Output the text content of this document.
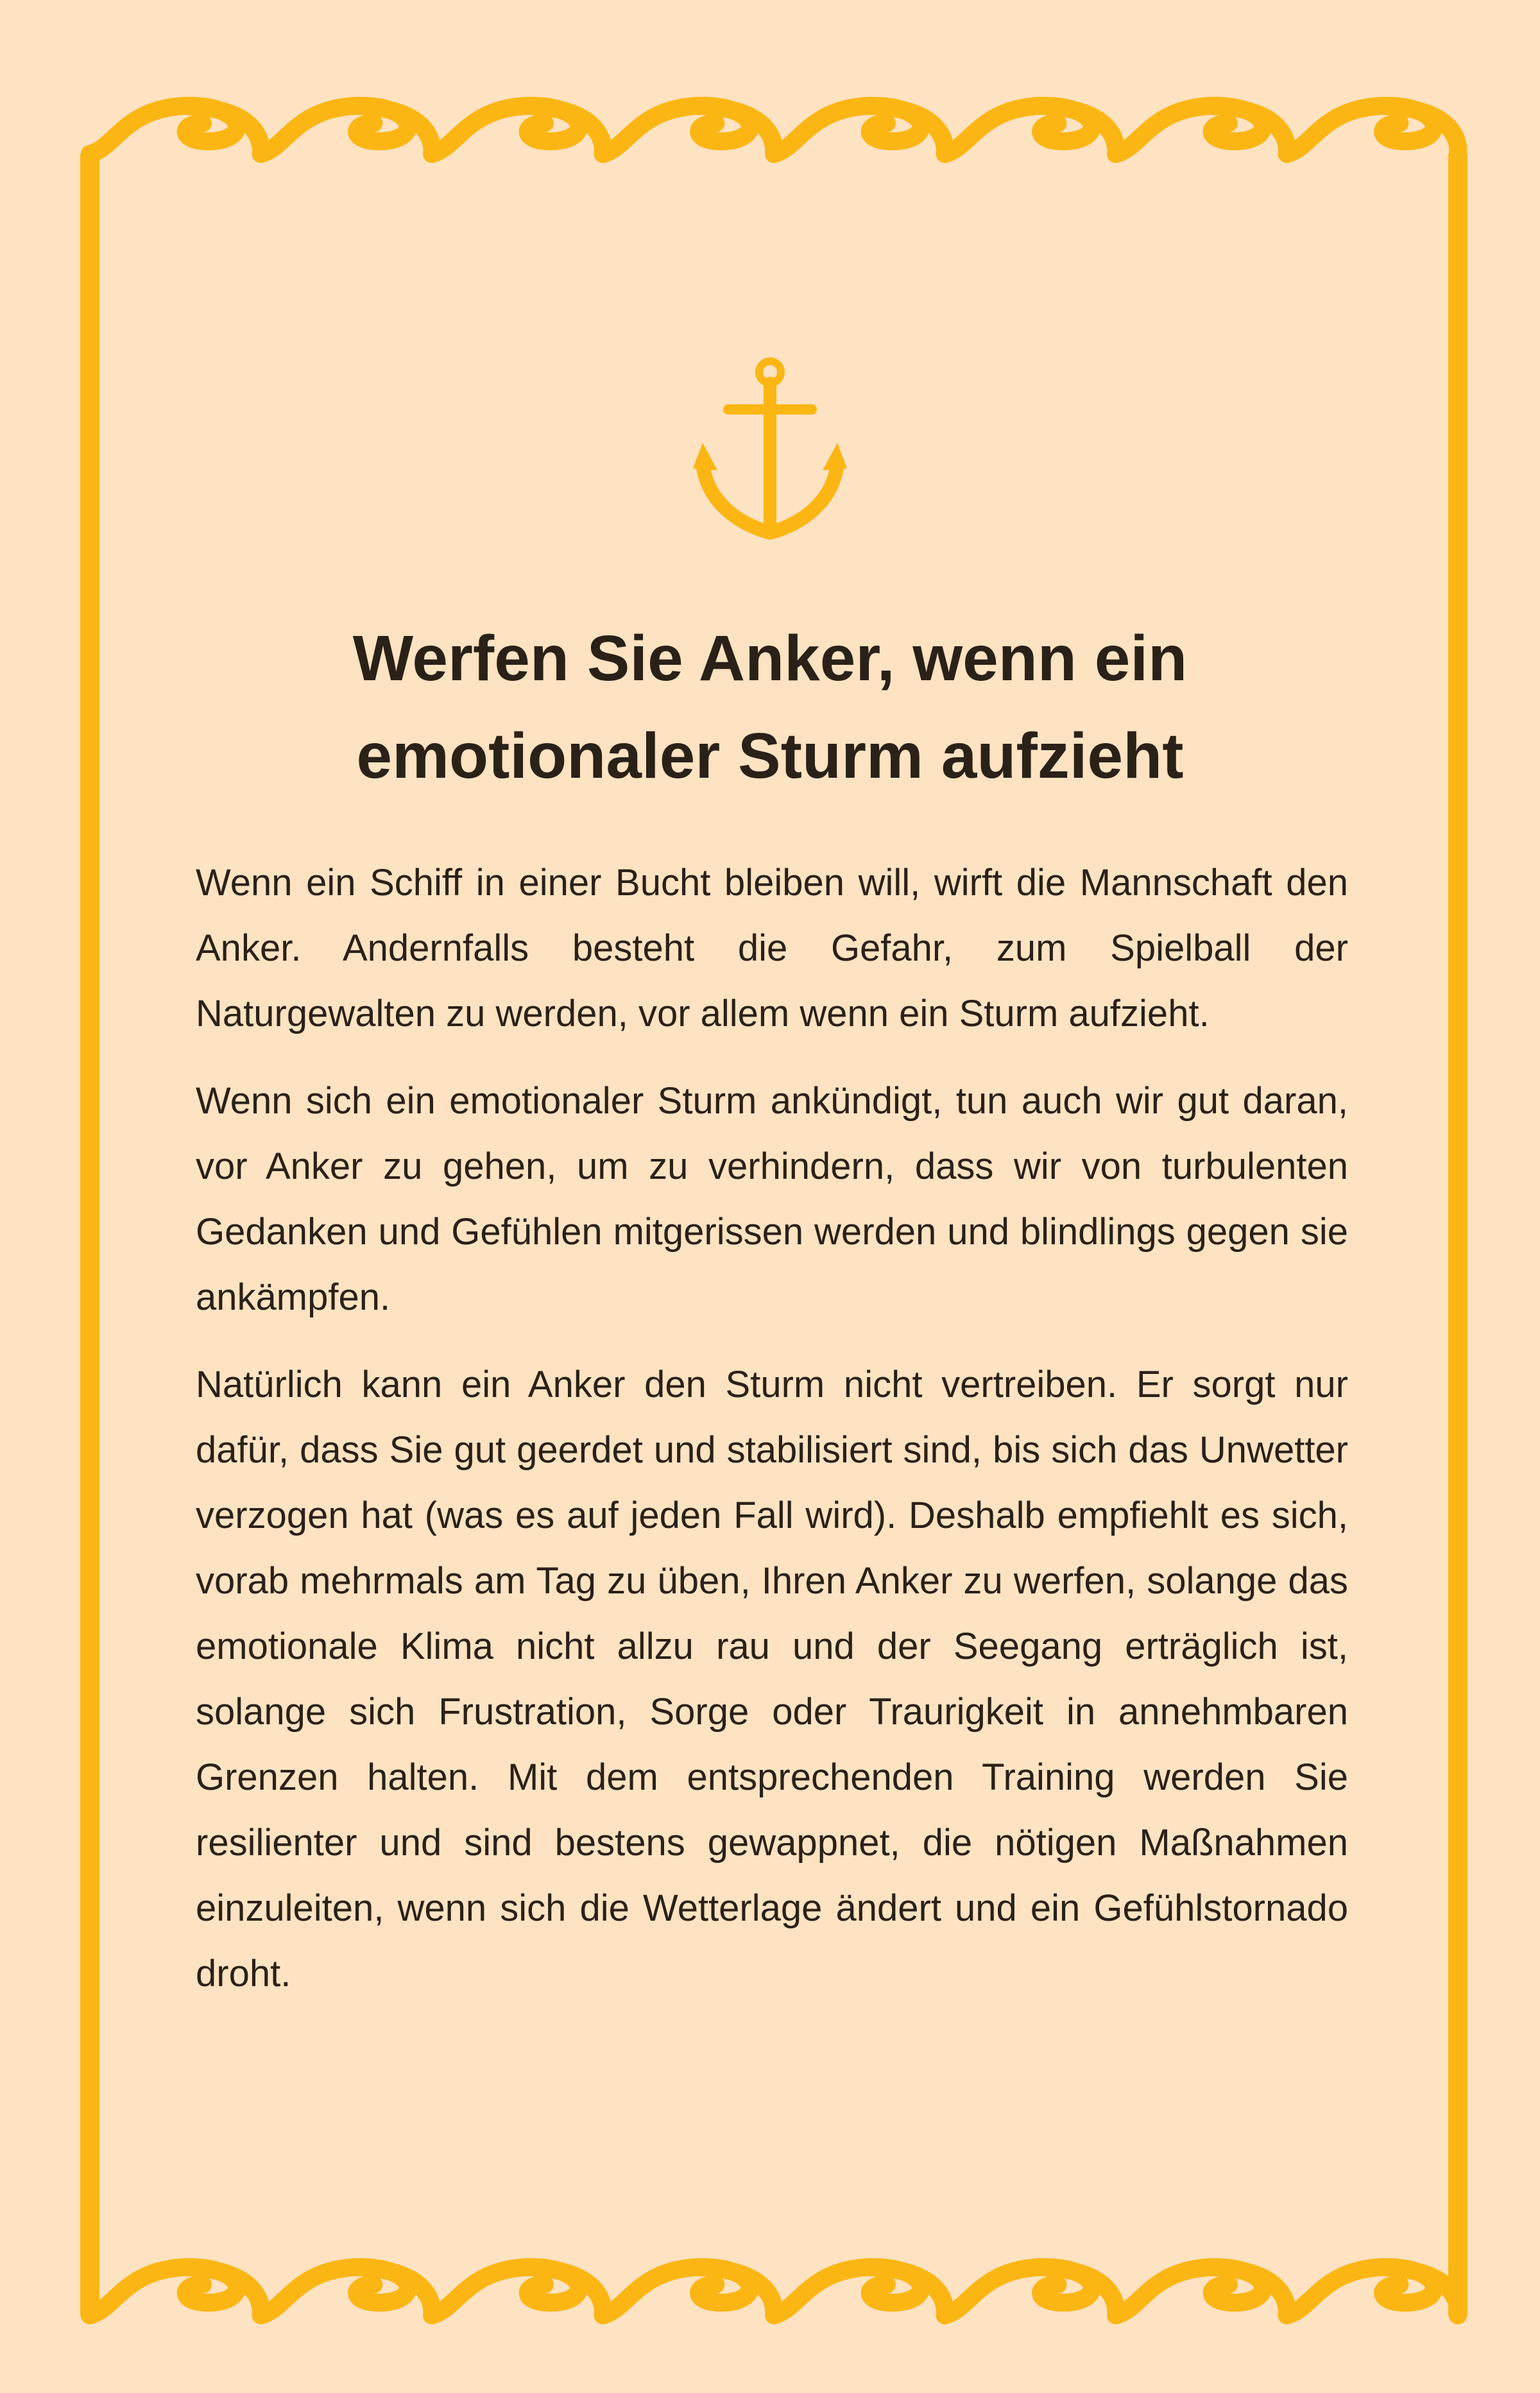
Werfen Sie Anker, wenn ein emotionaler Sturm aufzieht

Wenn ein Schiff in einer Bucht bleiben will, wirft die Mannschaft den Anker. Andernfalls besteht die Gefahr, zum Spielball der Naturgewalten zu werden, vor allem wenn ein Sturm aufzieht.

Wenn sich ein emotionaler Sturm ankündigt, tun auch wir gut daran, vor Anker zu gehen, um zu verhindern, dass wir von turbulenten Gedanken und Gefühlen mitgerissen werden und blindlings gegen sie ankämpfen.

Natürlich kann ein Anker den Sturm nicht vertreiben. Er sorgt nur dafür, dass Sie gut geerdet und stabilisiert sind, bis sich das Unwetter verzogen hat (was es auf jeden Fall wird). Deshalb empfiehlt es sich, vorab mehrmals am Tag zu üben, Ihren Anker zu werfen, solange das emotionale Klima nicht allzu rau und der Seegang erträglich ist, solange sich Frustration, Sorge oder Traurigkeit in annehmbaren Grenzen halten. Mit dem entsprechenden Training werden Sie resilienter und sind bestens gewappnet, die nötigen Maßnahmen einzuleiten, wenn sich die Wetterlage ändert und ein Gefühlstornado droht.
